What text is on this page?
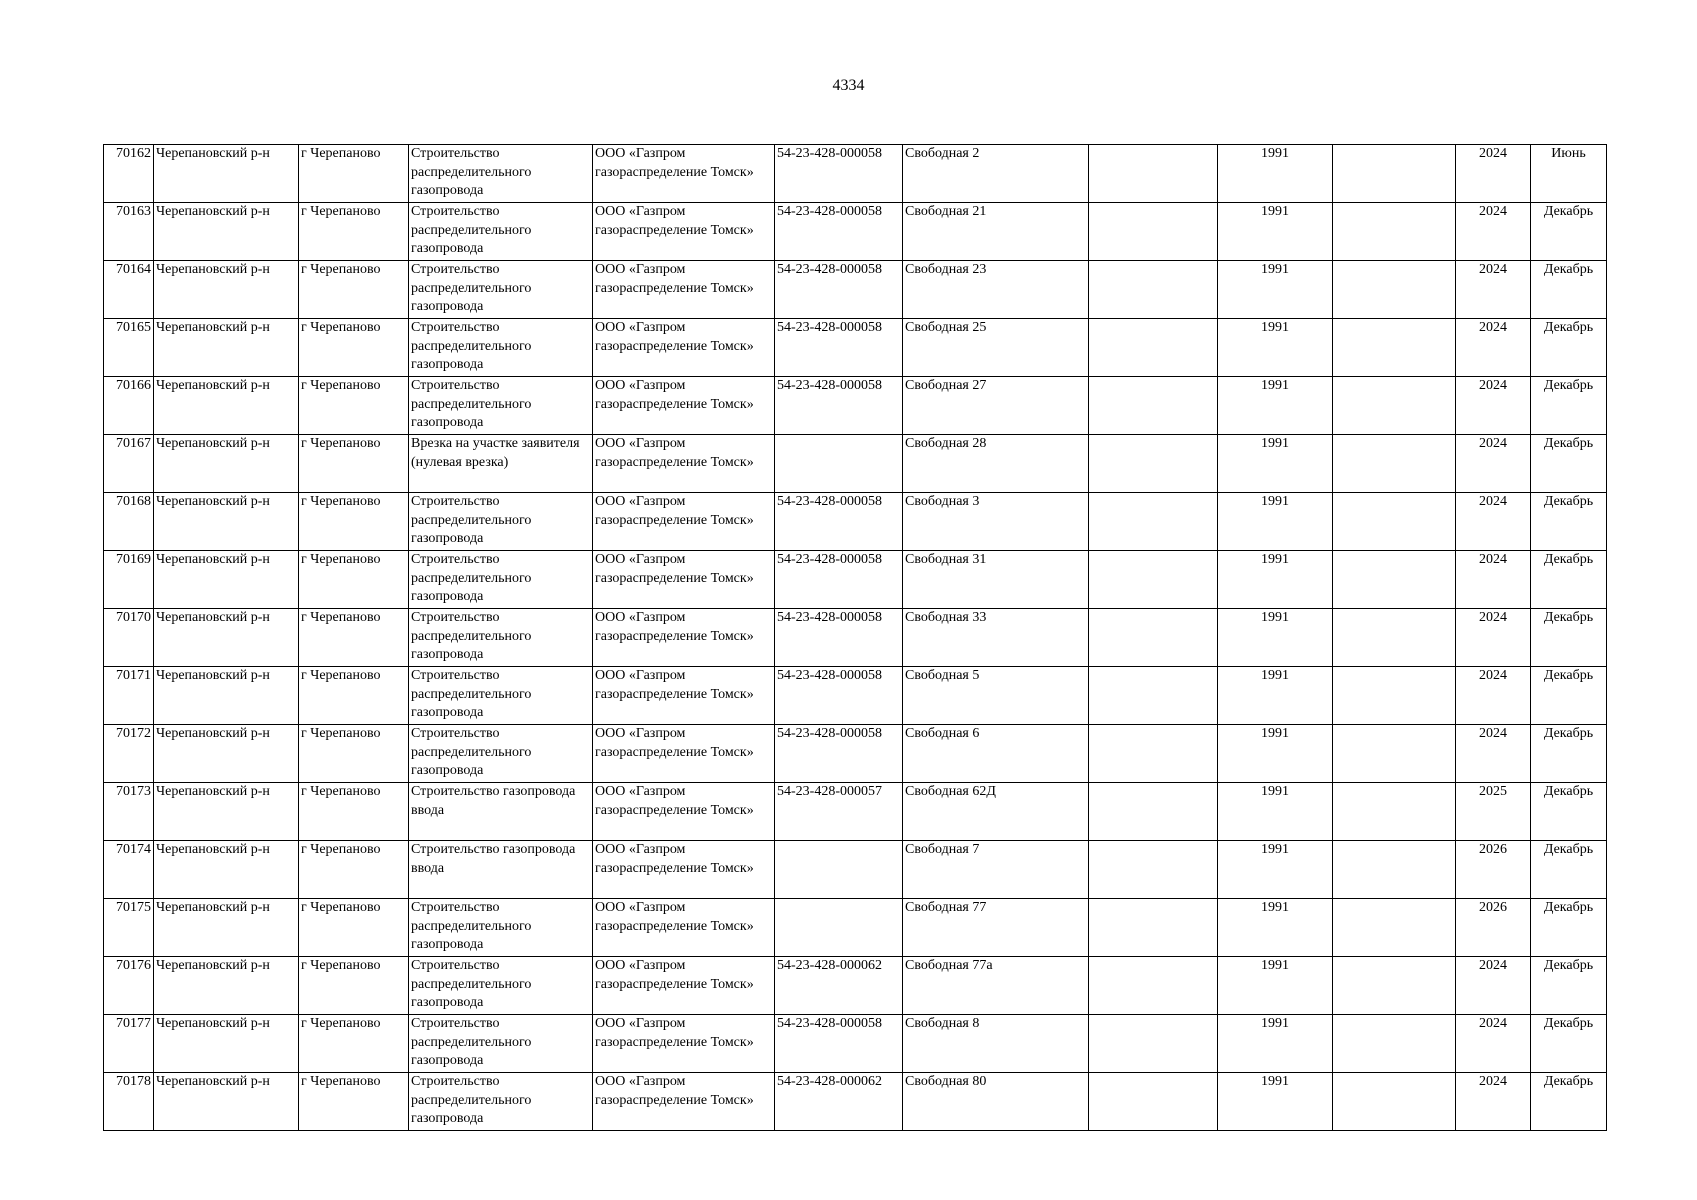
4334
70162	Черепановский р-н	г Черепаново	Строительство распределительного газопровода	ООО «Газпром газораспределение Томск»	54-23-428-000058	Свободная 2		1991		2024	Июнь
70163	Черепановский р-н	г Черепаново	Строительство распределительного газопровода	ООО «Газпром газораспределение Томск»	54-23-428-000058	Свободная 21		1991		2024	Декабрь
70164	Черепановский р-н	г Черепаново	Строительство распределительного газопровода	ООО «Газпром газораспределение Томск»	54-23-428-000058	Свободная 23		1991		2024	Декабрь
70165	Черепановский р-н	г Черепаново	Строительство распределительного газопровода	ООО «Газпром газораспределение Томск»	54-23-428-000058	Свободная 25		1991		2024	Декабрь
70166	Черепановский р-н	г Черепаново	Строительство распределительного газопровода	ООО «Газпром газораспределение Томск»	54-23-428-000058	Свободная 27		1991		2024	Декабрь
70167	Черепановский р-н	г Черепаново	Врезка на участке заявителя (нулевая врезка)	ООО «Газпром газораспределение Томск»		Свободная 28		1991		2024	Декабрь
70168	Черепановский р-н	г Черепаново	Строительство распределительного газопровода	ООО «Газпром газораспределение Томск»	54-23-428-000058	Свободная 3		1991		2024	Декабрь
70169	Черепановский р-н	г Черепаново	Строительство распределительного газопровода	ООО «Газпром газораспределение Томск»	54-23-428-000058	Свободная 31		1991		2024	Декабрь
70170	Черепановский р-н	г Черепаново	Строительство распределительного газопровода	ООО «Газпром газораспределение Томск»	54-23-428-000058	Свободная 33		1991		2024	Декабрь
70171	Черепановский р-н	г Черепаново	Строительство распределительного газопровода	ООО «Газпром газораспределение Томск»	54-23-428-000058	Свободная 5		1991		2024	Декабрь
70172	Черепановский р-н	г Черепаново	Строительство распределительного газопровода	ООО «Газпром газораспределение Томск»	54-23-428-000058	Свободная 6		1991		2024	Декабрь
70173	Черепановский р-н	г Черепаново	Строительство газопровода ввода	ООО «Газпром газораспределение Томск»	54-23-428-000057	Свободная 62Д		1991		2025	Декабрь
70174	Черепановский р-н	г Черепаново	Строительство газопровода ввода	ООО «Газпром газораспределение Томск»		Свободная 7		1991		2026	Декабрь
70175	Черепановский р-н	г Черепаново	Строительство распределительного газопровода	ООО «Газпром газораспределение Томск»		Свободная 77		1991		2026	Декабрь
70176	Черепановский р-н	г Черепаново	Строительство распределительного газопровода	ООО «Газпром газораспределение Томск»	54-23-428-000062	Свободная 77а		1991		2024	Декабрь
70177	Черепановский р-н	г Черепаново	Строительство распределительного газопровода	ООО «Газпром газораспределение Томск»	54-23-428-000058	Свободная 8		1991		2024	Декабрь
70178	Черепановский р-н	г Черепаново	Строительство распределительного газопровода	ООО «Газпром газораспределение Томск»	54-23-428-000062	Свободная 80		1991		2024	Декабрь
